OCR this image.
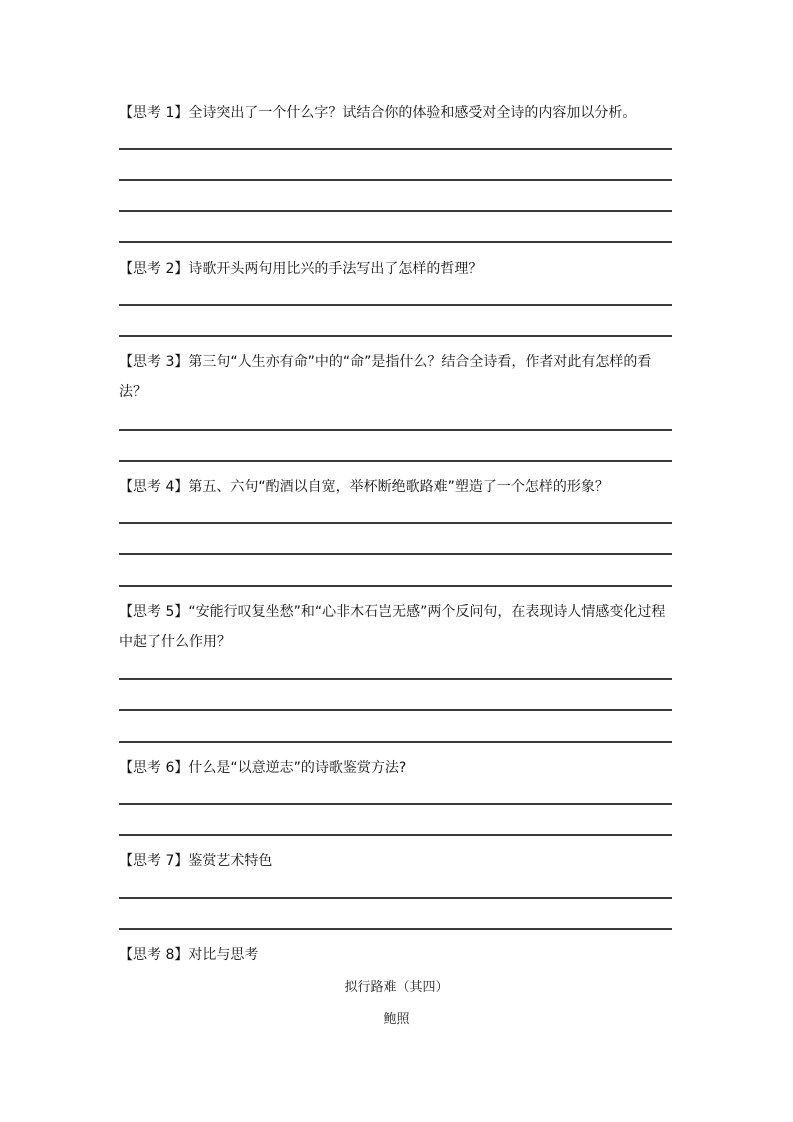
【思考 1】全诗突出了一个什么字？试结合你的体验和感受对全诗的内容加以分析。
【思考 2】诗歌开头两句用比兴的手法写出了怎样的哲理？
【思考 3】第三句“人生亦有命”中的“命”是指什么？结合全诗看，作者对此有怎样的看法？
【思考 4】第五、六句“酌酒以自宽，举杯断绝歌路难”塑造了一个怎样的形象？
【思考 5】“安能行叹复坐愁”和“心非木石岂无感”两个反问句，在表现诗人情感变化过程中起了什么作用？
【思考 6】什么是“以意逆志”的诗歌鉴赏方法?
【思考 7】鉴赏艺术特色
【思考 8】对比与思考
拟行路难（其四）
鲍照
